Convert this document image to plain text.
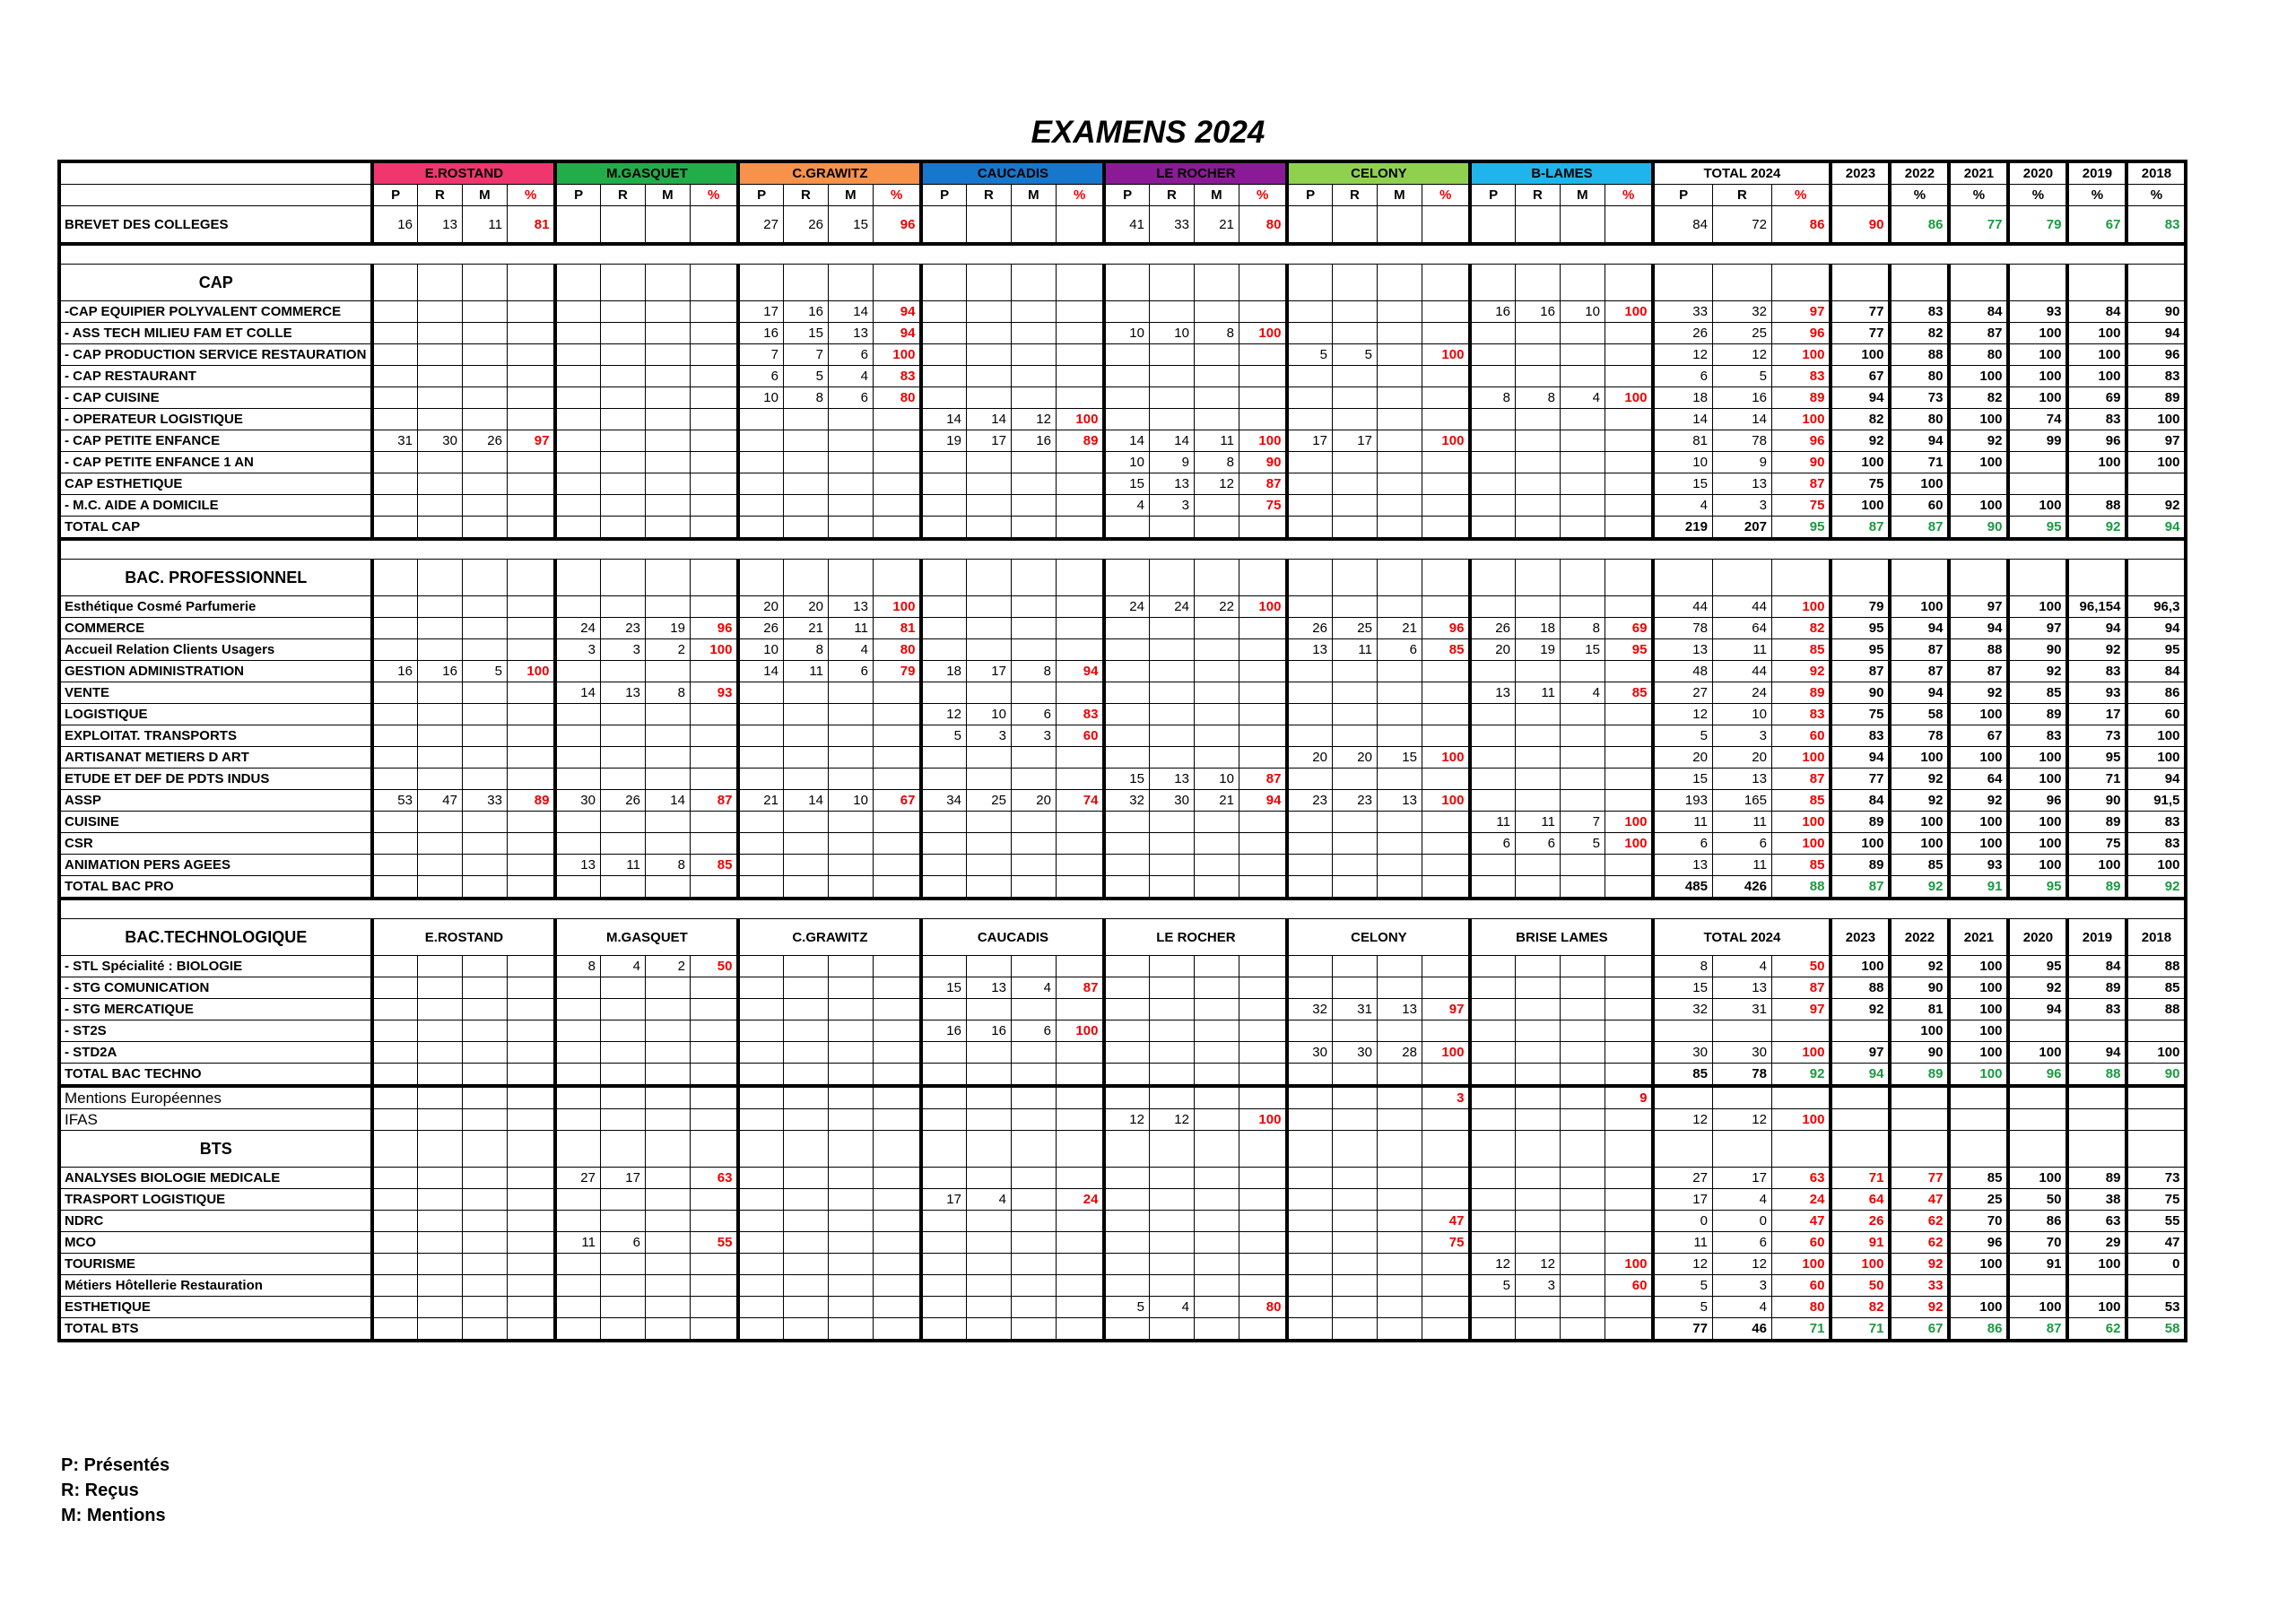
EXAMENS 2024
	E.ROSTAND				M.GASQUET				C.GRAWITZ				CAUCADIS				LE ROCHER				CELONY				B-LAMES				TOTAL 2024			2023	2022	2021	2020	2019	2018
	P	R	M	%	P	R	M	%	P	R	M	%	P	R	M	%	P	R	M	%	P	R	M	%	P	R	M	%	P	R	%		%	%	%	%	%
BREVET DES COLLEGES	16	13	11	81					27	26	15	96					41	33	21	80									84	72	86	90	86	77	79	67	83

CAP																																					
-CAP EQUIPIER POLYVALENT COMMERCE									17	16	14	94													16	16	10	100	33	32	97	77	83	84	93	84	90
- ASS TECH MILIEU FAM ET COLLE									16	15	13	94					10	10	8	100									26	25	96	77	82	87	100	100	94
- CAP PRODUCTION SERVICE RESTAURATION									7	7	6	100									5	5		100					12	12	100	100	88	80	100	100	96
- CAP RESTAURANT									6	5	4	83																	6	5	83	67	80	100	100	100	83
- CAP CUISINE									10	8	6	80													8	8	4	100	18	16	89	94	73	82	100	69	89
- OPERATEUR LOGISTIQUE													14	14	12	100													14	14	100	82	80	100	74	83	100
- CAP PETITE ENFANCE	31	30	26	97									19	17	16	89	14	14	11	100	17	17		100					81	78	96	92	94	92	99	96	97
- CAP PETITE ENFANCE 1 AN																	10	9	8	90									10	9	90	100	71	100		100	100
CAP ESTHETIQUE																	15	13	12	87									15	13	87	75	100				
- M.C. AIDE A DOMICILE																	4	3		75									4	3	75	100	60	100	100	88	92
TOTAL CAP																													219	207	95	87	87	90	95	92	94

BAC. PROFESSIONNEL																																					
Esthétique Cosmé Parfumerie									20	20	13	100					24	24	22	100									44	44	100	79	100	97	100	96,154	96,3
COMMERCE					24	23	19	96	26	21	11	81									26	25	21	96	26	18	8	69	78	64	82	95	94	94	97	94	94
Accueil Relation Clients Usagers					3	3	2	100	10	8	4	80									13	11	6	85	20	19	15	95	13	11	85	95	87	88	90	92	95
GESTION ADMINISTRATION	16	16	5	100					14	11	6	79	18	17	8	94													48	44	92	87	87	87	92	83	84
VENTE					14	13	8	93																	13	11	4	85	27	24	89	90	94	92	85	93	86
LOGISTIQUE													12	10	6	83													12	10	83	75	58	100	89	17	60
EXPLOITAT. TRANSPORTS													5	3	3	60													5	3	60	83	78	67	83	73	100
ARTISANAT METIERS D ART																					20	20	15	100					20	20	100	94	100	100	100	95	100
ETUDE ET DEF DE PDTS INDUS																	15	13	10	87									15	13	87	77	92	64	100	71	94
ASSP	53	47	33	89	30	26	14	87	21	14	10	67	34	25	20	74	32	30	21	94	23	23	13	100					193	165	85	84	92	92	96	90	91,5
CUISINE																									11	11	7	100	11	11	100	89	100	100	100	89	83
CSR																									6	6	5	100	6	6	100	100	100	100	100	75	83
ANIMATION PERS AGEES					13	11	8	85																					13	11	85	89	85	93	100	100	100
TOTAL BAC PRO																													485	426	88	87	92	91	95	89	92

BAC.TECHNOLOGIQUE	E.ROSTAND				M.GASQUET				C.GRAWITZ				CAUCADIS				LE ROCHER				CELONY				BRISE LAMES				TOTAL 2024			2023	2022	2021	2020	2019	2018
- STL Spécialité : BIOLOGIE					8	4	2	50																					8	4	50	100	92	100	95	84	88
- STG COMUNICATION													15	13	4	87													15	13	87	88	90	100	92	89	85
- STG MERCATIQUE																					32	31	13	97					32	31	97	92	81	100	94	83	88
- ST2S													16	16	6	100																	100	100			
- STD2A																					30	30	28	100					30	30	100	97	90	100	100	94	100
TOTAL BAC TECHNO																													85	78	92	94	89	100	96	88	90
Mentions Européennes																								3				9									
IFAS																	12	12		100									12	12	100						
BTS																																					
ANALYSES BIOLOGIE MEDICALE					27	17		63																					27	17	63	71	77	85	100	89	73
TRASPORT LOGISTIQUE													17	4		24													17	4	24	64	47	25	50	38	75
NDRC																								47					0	0	47	26	62	70	86	63	55
MCO					11	6		55																75					11	6	60	91	62	96	70	29	47
TOURISME																									12	12		100	12	12	100	100	92	100	91	100	0
Métiers Hôtellerie Restauration																									5	3		60	5	3	60	50	33				
ESTHETIQUE																	5	4		80									5	4	80	82	92	100	100	100	53
TOTAL BTS																													77	46	71	71	67	86	87	62	58
P: Présentés
R: Reçus
M: Mentions
